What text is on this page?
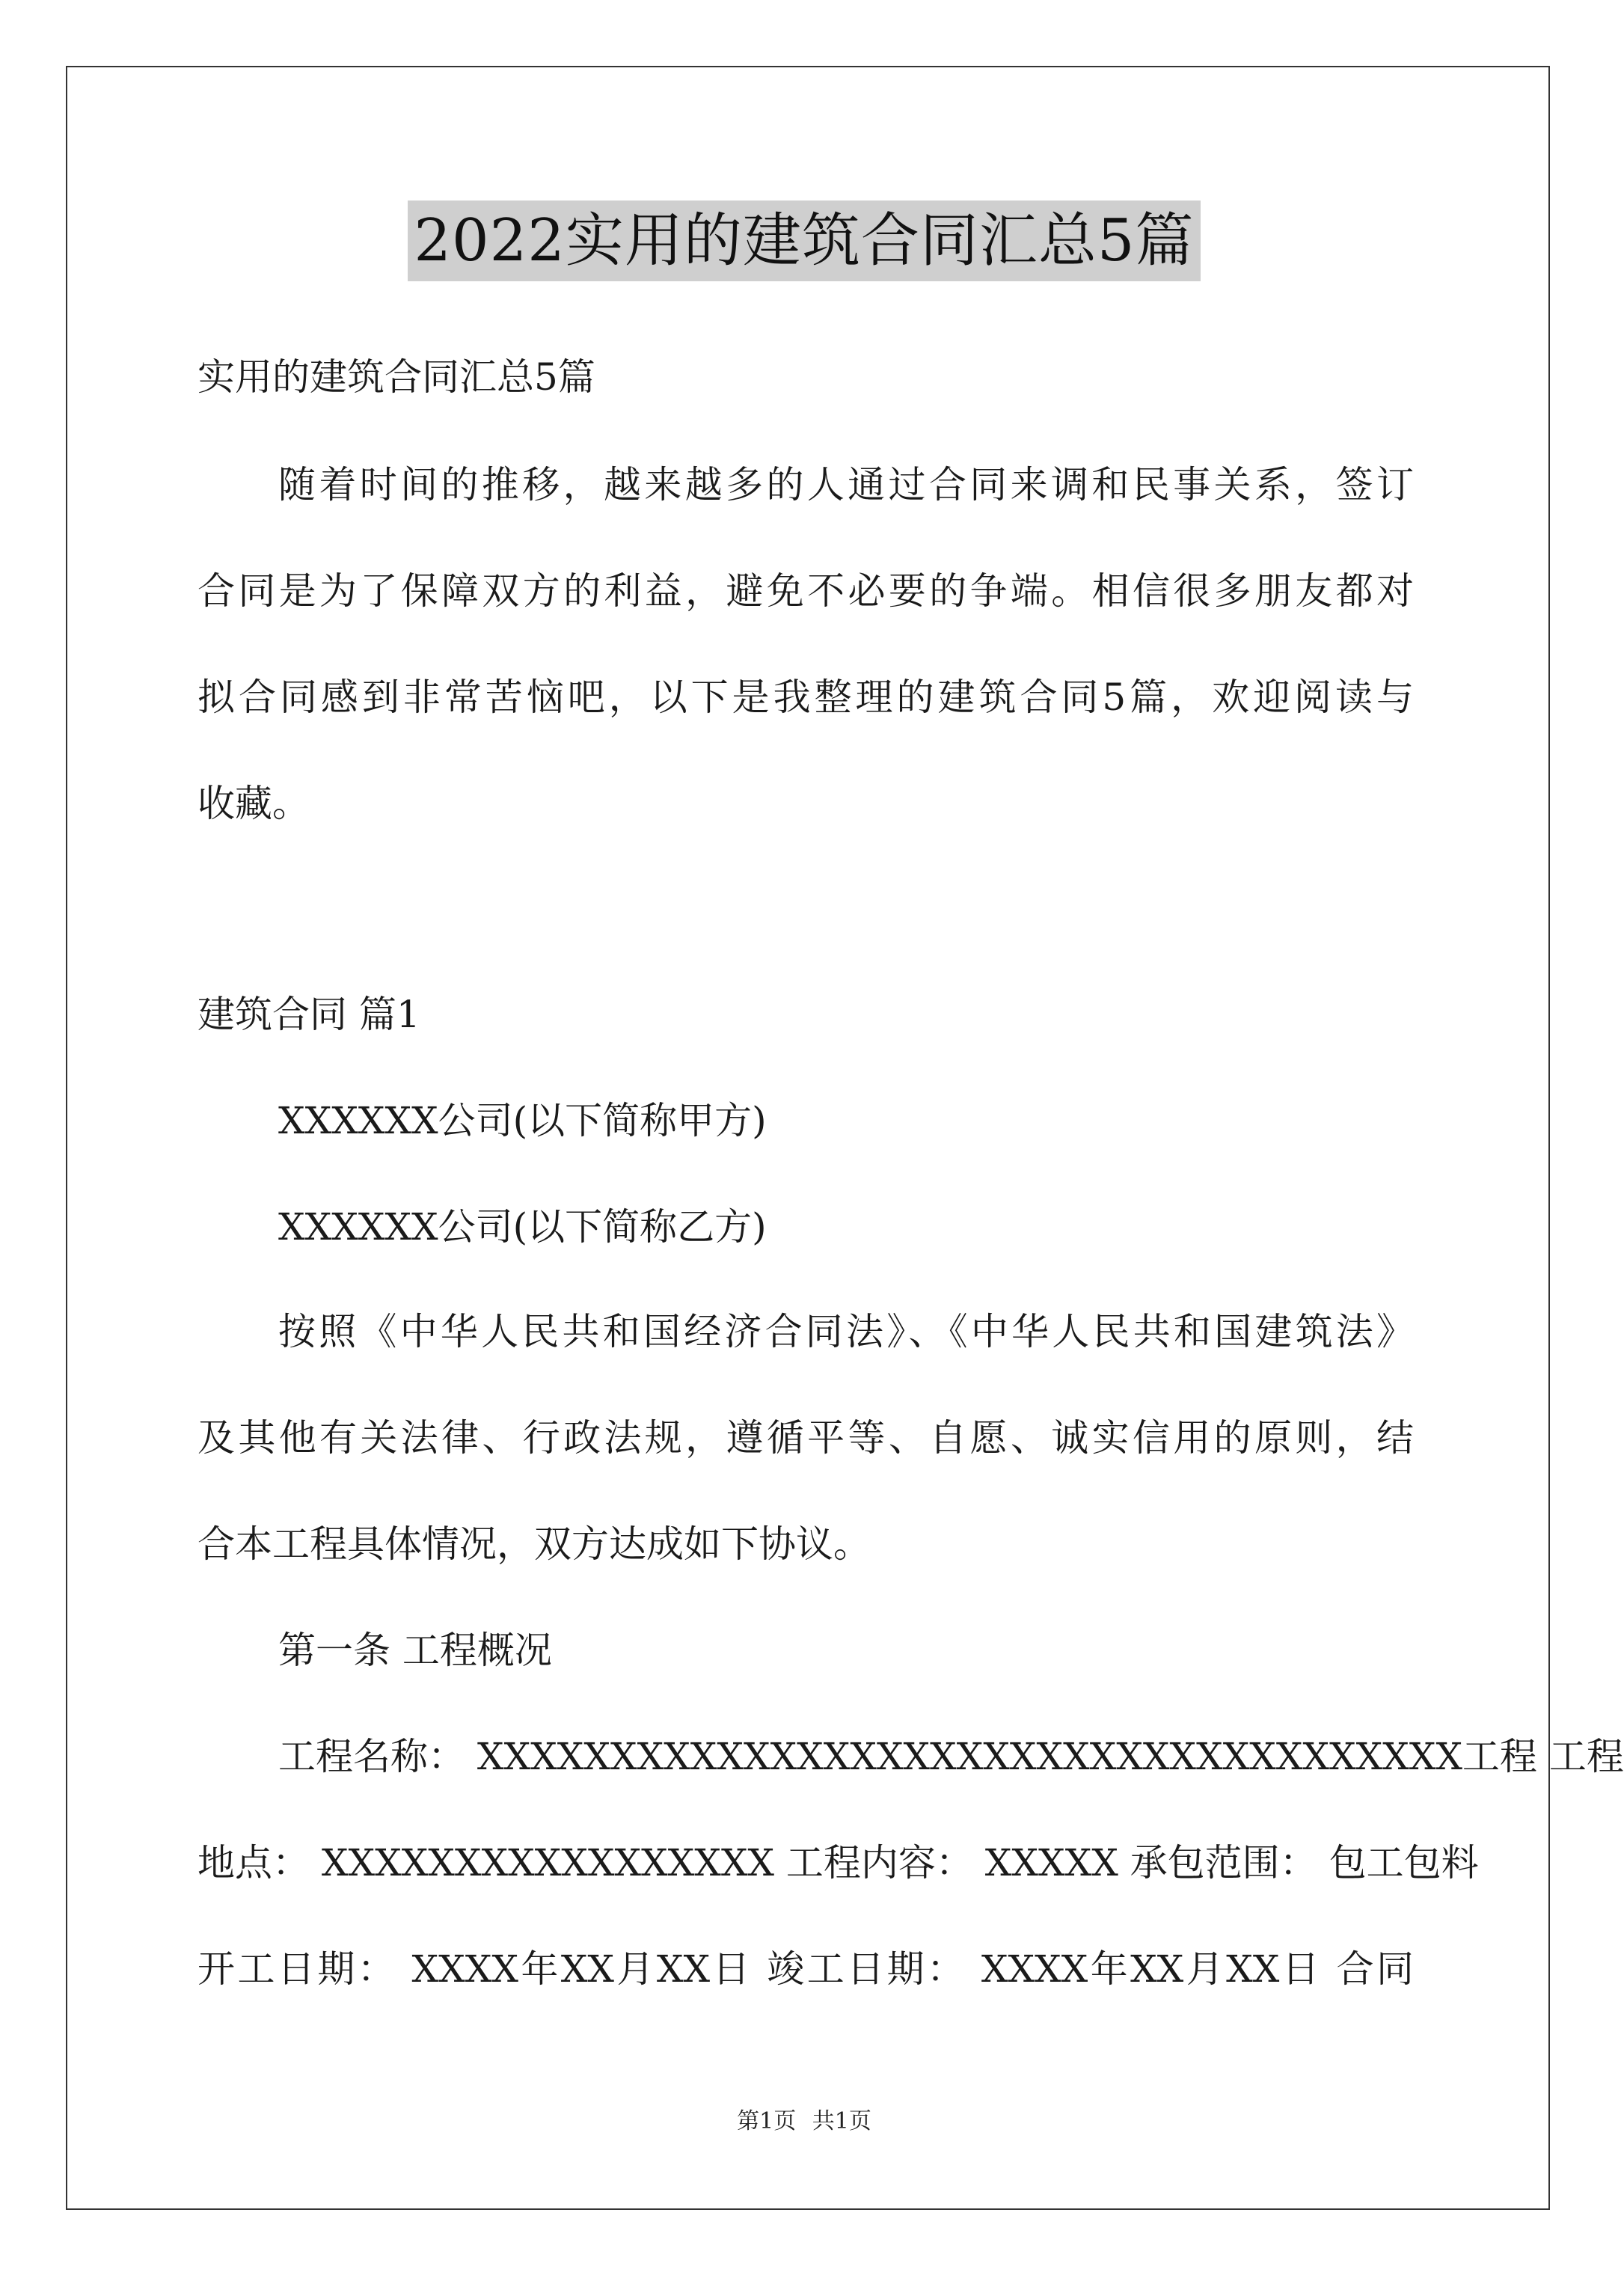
2022实用的建筑合同汇总5篇
实用的建筑合同汇总5篇
随着时间的推移，越来越多的人通过合同来调和民事关系，签订
合同是为了保障双方的利益，避免不必要的争端。相信很多朋友都对
拟合同感到非常苦恼吧，以下是我整理的建筑合同5篇，欢迎阅读与
收藏。
建筑合同 篇1
XXXXXX公司(以下简称甲方)
XXXXXX公司(以下简称乙方)
按照《中华人民共和国经济合同法》、《中华人民共和国建筑法》
及其他有关法律、行政法规，遵循平等、自愿、诚实信用的原则，结
合本工程具体情况，双方达成如下协议。
第一条 工程概况
工程名称： XXXXXXXXXXXXXXXXXXXXXXXXXXXXXXXXXXXXX工程 工程
地点： XXXXXXXXXXXXXXXXX 工程内容： XXXXX 承包范围： 包工包料
开工日期： XXXX年XX月XX日 竣工日期： XXXX年XX月XX日 合同
第1页 共1页
